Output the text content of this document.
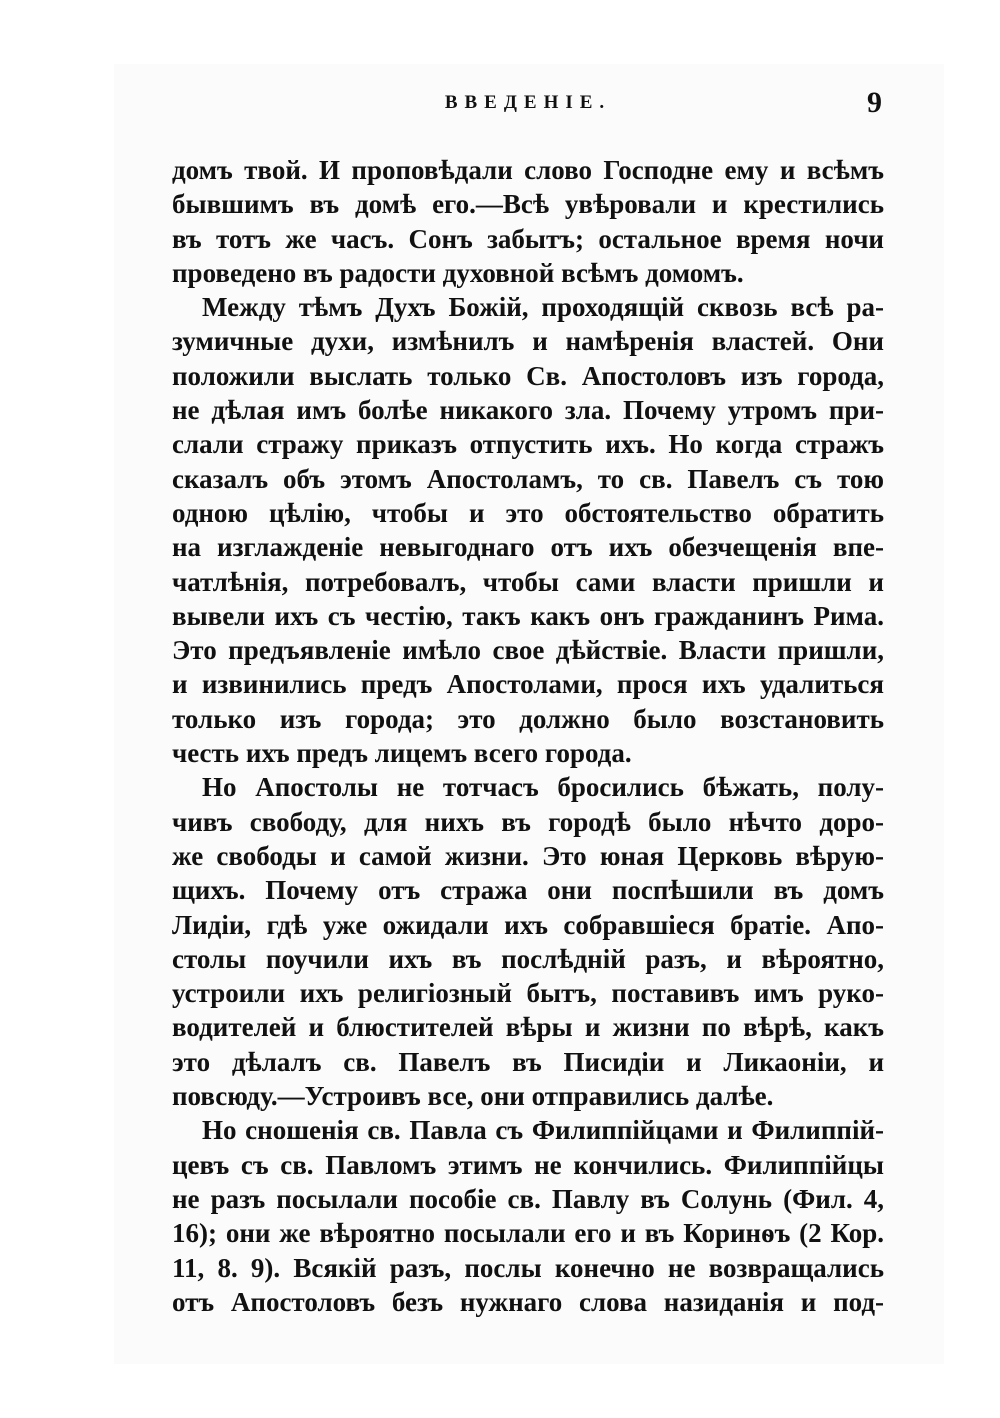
ВВЕДЕНІЕ.	9
домъ твой. И проповѣдали слово Господне ему и всѣмъ
бывшимъ въ домѣ его.—Всѣ увѣровали и крестились
въ тотъ же часъ. Сонъ забытъ; остальное время ночи
проведено въ радости духовной всѣмъ домомъ.
Между тѣмъ Духъ Божій, проходящій сквозь всѣ ра-
зумичные духи, измѣнилъ и намѣренія властей. Они
положили выслать только Св. Апостоловъ изъ города,
не дѣлая имъ болѣе никакого зла. Почему утромъ при-
слали стражу приказъ отпустить ихъ. Но когда стражъ
сказалъ объ этомъ Апостоламъ, то св. Павелъ съ тою
одною цѣлію, чтобы и это обстоятельство обратить
на изглажденіе невыгоднаго отъ ихъ обезчещенія впе-
чатлѣнія, потребовалъ, чтобы сами власти пришли и
вывели ихъ съ честію, такъ какъ онъ гражданинъ Рима.
Это предъявленіе имѣло свое дѣйствіе. Власти пришли,
и извинились предъ Апостолами, прося ихъ удалиться
только изъ города; это должно было возстановить
честь ихъ предъ лицемъ всего города.
Но Апостолы не тотчасъ бросились бѣжать, полу-
чивъ свободу, для нихъ въ городѣ было нѣчто доро-
же свободы и самой жизни. Это юная Церковь вѣрую-
щихъ. Почему отъ стража они поспѣшили въ домъ
Лидіи, гдѣ уже ожидали ихъ собравшіеся братіе. Апо-
столы поучили ихъ въ послѣдній разъ, и вѣроятно,
устроили ихъ религіозный бытъ, поставивъ имъ руко-
водителей и блюстителей вѣры и жизни по вѣрѣ, какъ
это дѣлалъ св. Павелъ въ Писидіи и Ликаоніи, и
повсюду.—Устроивъ все, они отправились далѣе.
Но сношенія св. Павла съ Филиппійцами и Филиппій-
цевъ съ св. Павломъ этимъ не кончились. Филиппійцы
не разъ посылали пособіе св. Павлу въ Солунь (Фил. 4,
16); они же вѣроятно посылали его и въ Коринѳъ (2 Кор.
11, 8. 9). Всякій разъ, послы конечно не возвращались
отъ Апостоловъ безъ нужнаго слова назиданія и под-
